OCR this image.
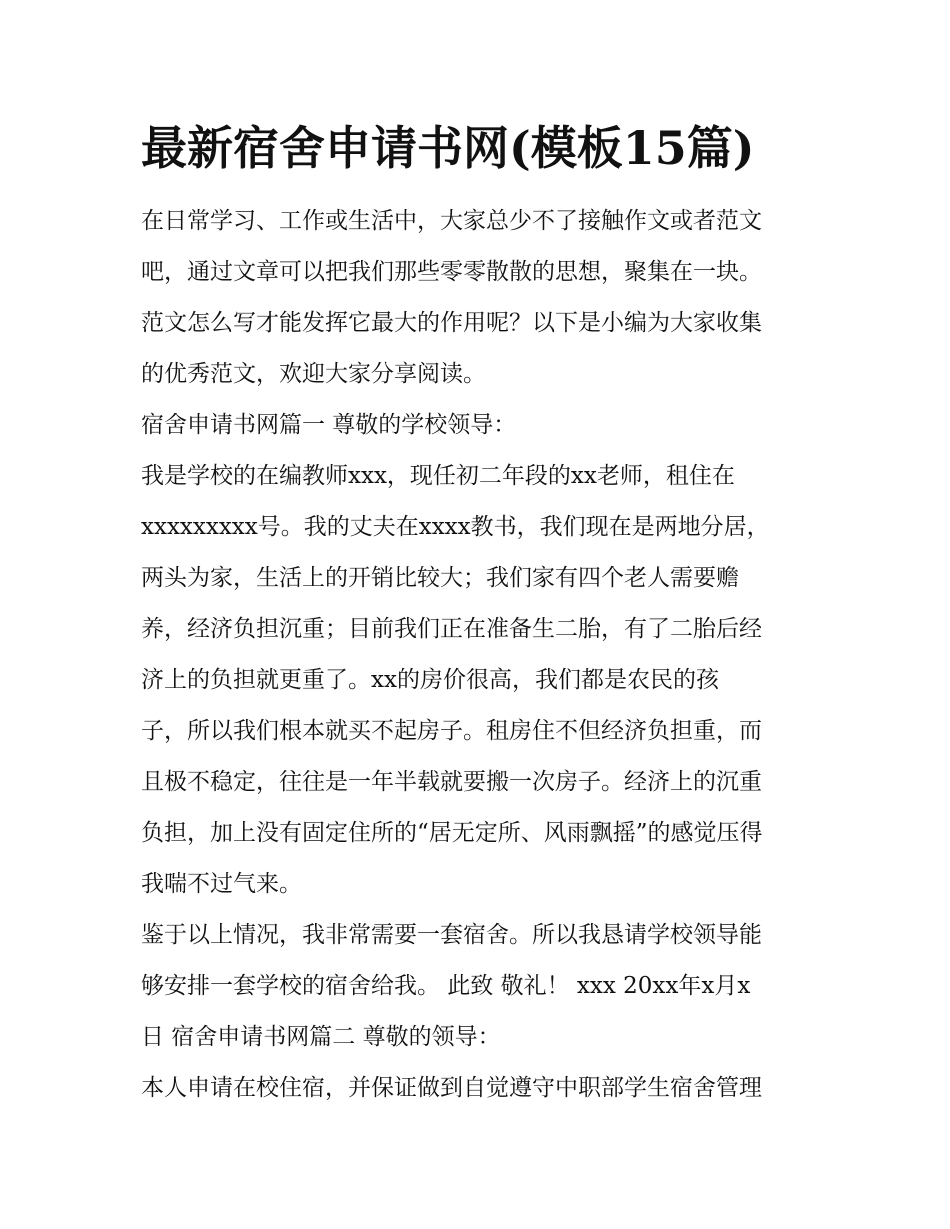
最新宿舍申请书网(模板15篇)
在日常学习、工作或生活中，大家总少不了接触作文或者范文
吧，通过文章可以把我们那些零零散散的思想，聚集在一块。
范文怎么写才能发挥它最大的作用呢？以下是小编为大家收集
的优秀范文，欢迎大家分享阅读。
宿舍申请书网篇一 尊敬的学校领导：
我是学校的在编教师xxx，现任初二年段的xx老师，租住在
xxxxxxxxx号。我的丈夫在xxxx教书，我们现在是两地分居，
两头为家，生活上的开销比较大；我们家有四个老人需要赡
养，经济负担沉重；目前我们正在准备生二胎，有了二胎后经
济上的负担就更重了。xx的房价很高，我们都是农民的孩
子，所以我们根本就买不起房子。租房住不但经济负担重，而
且极不稳定，往往是一年半载就要搬一次房子。经济上的沉重
负担，加上没有固定住所的“居无定所、风雨飘摇”的感觉压得
我喘不过气来。
鉴于以上情况，我非常需要一套宿舍。所以我恳请学校领导能
够安排一套学校的宿舍给我。 此致 敬礼！ xxx 20xx年x月x
日 宿舍申请书网篇二 尊敬的领导：
本人申请在校住宿，并保证做到自觉遵守中职部学生宿舍管理
